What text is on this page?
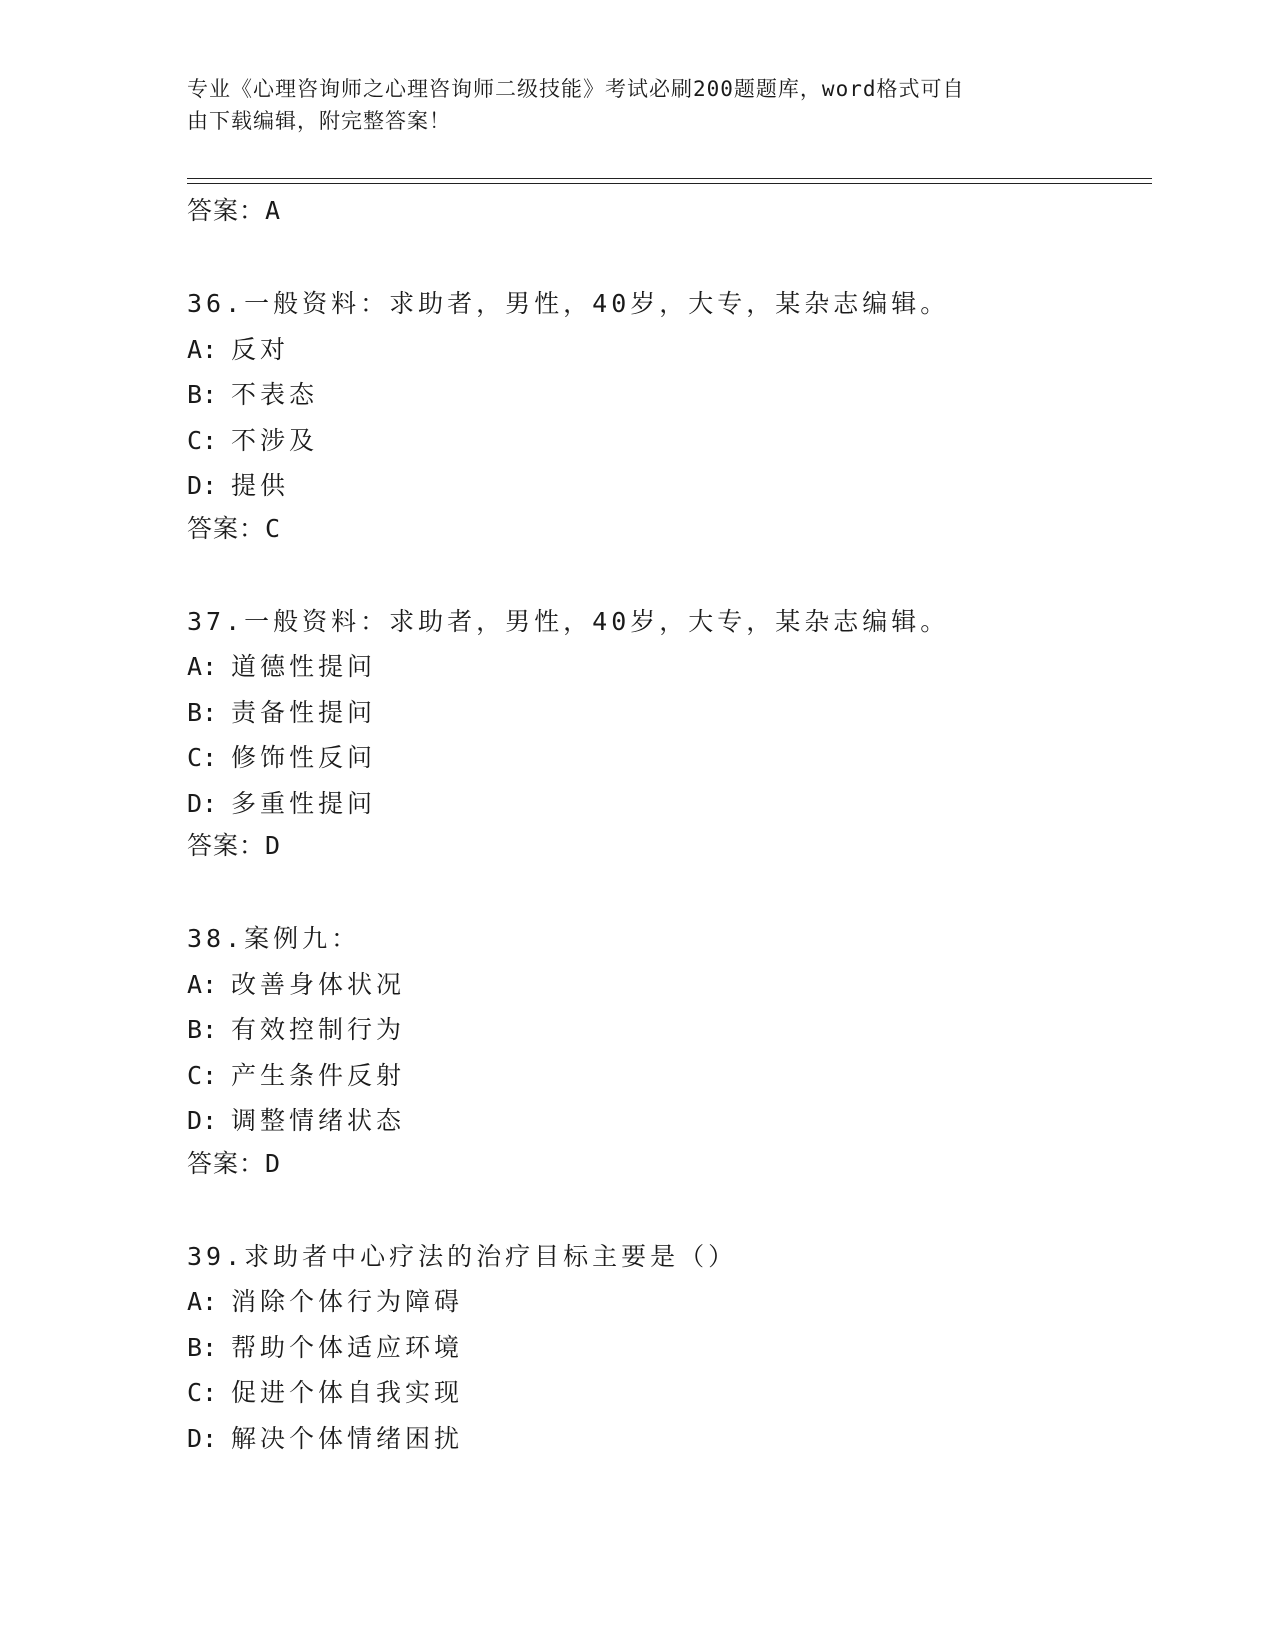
专业《心理咨询师之心理咨询师二级技能》考试必刷200题题库，word格式可自
由下载编辑，附完整答案！
答案：A
36.一般资料：求助者，男性，40岁，大专，某杂志编辑。
A: 反对
B: 不表态
C: 不涉及
D: 提供
答案：C
37.一般资料：求助者，男性，40岁，大专，某杂志编辑。
A: 道德性提问
B: 责备性提问
C: 修饰性反问
D: 多重性提问
答案：D
38.案例九：
A: 改善身体状况
B: 有效控制行为
C: 产生条件反射
D: 调整情绪状态
答案：D
39.求助者中心疗法的治疗目标主要是（）
A: 消除个体行为障碍
B: 帮助个体适应环境
C: 促进个体自我实现
D: 解决个体情绪困扰
